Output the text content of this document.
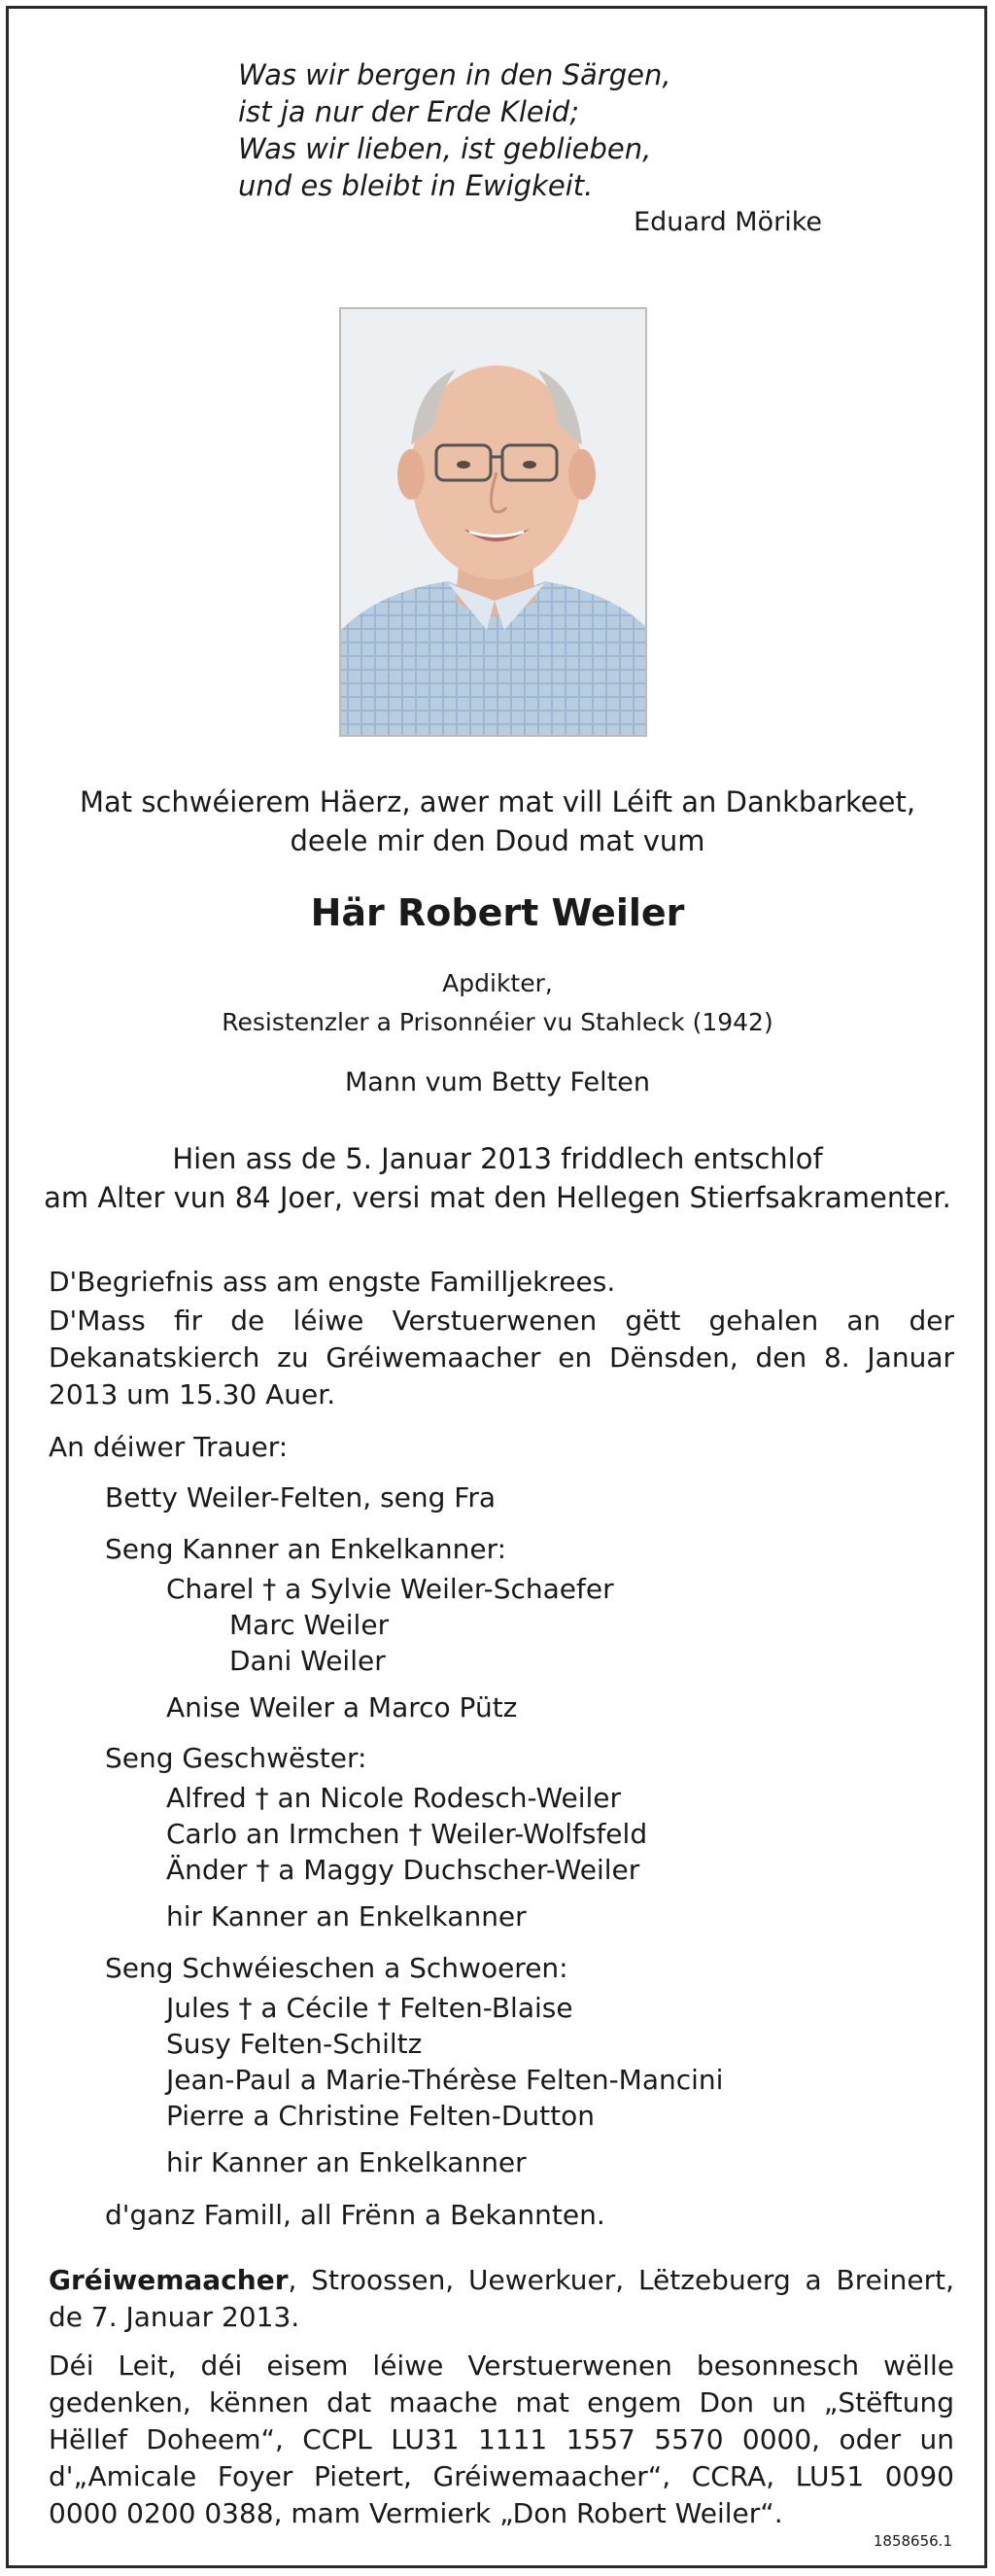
Was wir bergen in den Särgen,
ist ja nur der Erde Kleid;
Was wir lieben, ist geblieben,
und es bleibt in Ewigkeit.
Eduard Mörike
Mat schwéierem Häerz, awer mat vill Léift an Dankbarkeet,
deele mir den Doud mat vum
Här Robert Weiler
Apdikter,
Resistenzler a Prisonnéier vu Stahleck (1942)
Mann vum Betty Felten
Hien ass de 5. Januar 2013 friddlech entschlof
am Alter vun 84 Joer, versi mat den Hellegen Stierfsakramenter.
D'Begriefnis ass am engste Familljekrees.
D'Mass fir de léiwe Verstuerwenen gëtt gehalen an der Dekanatskierch zu Gréiwemaacher en Dënsden, den 8. Januar 2013 um 15.30 Auer.
An déiwer Trauer:
Betty Weiler-Felten, seng Fra
Seng Kanner an Enkelkanner:
Charel † a Sylvie Weiler-Schaefer
Marc Weiler
Dani Weiler
Anise Weiler a Marco Pütz
Seng Geschwëster:
Alfred † an Nicole Rodesch-Weiler
Carlo an Irmchen † Weiler-Wolfsfeld
Änder † a Maggy Duchscher-Weiler
hir Kanner an Enkelkanner
Seng Schwéieschen a Schwoeren:
Jules † a Cécile † Felten-Blaise
Susy Felten-Schiltz
Jean-Paul a Marie-Thérèse Felten-Mancini
Pierre a Christine Felten-Dutton
hir Kanner an Enkelkanner
d'ganz Famill, all Frënn a Bekannten.
Gréiwemaacher, Stroossen, Uewerkuer, Lëtzebuerg a Breinert, de 7. Januar 2013.
Déi Leit, déi eisem léiwe Verstuerwenen besonnesch wëlle gedenken, kënnen dat maache mat engem Don un „Stëftung Hëllef Doheem“, CCPL LU31 1111 1557 5570 0000, oder un d'„Amicale Foyer Pietert, Gréiwemaacher“, CCRA, LU51 0090 0000 0200 0388, mam Vermierk „Don Robert Weiler“.
1858656.1
